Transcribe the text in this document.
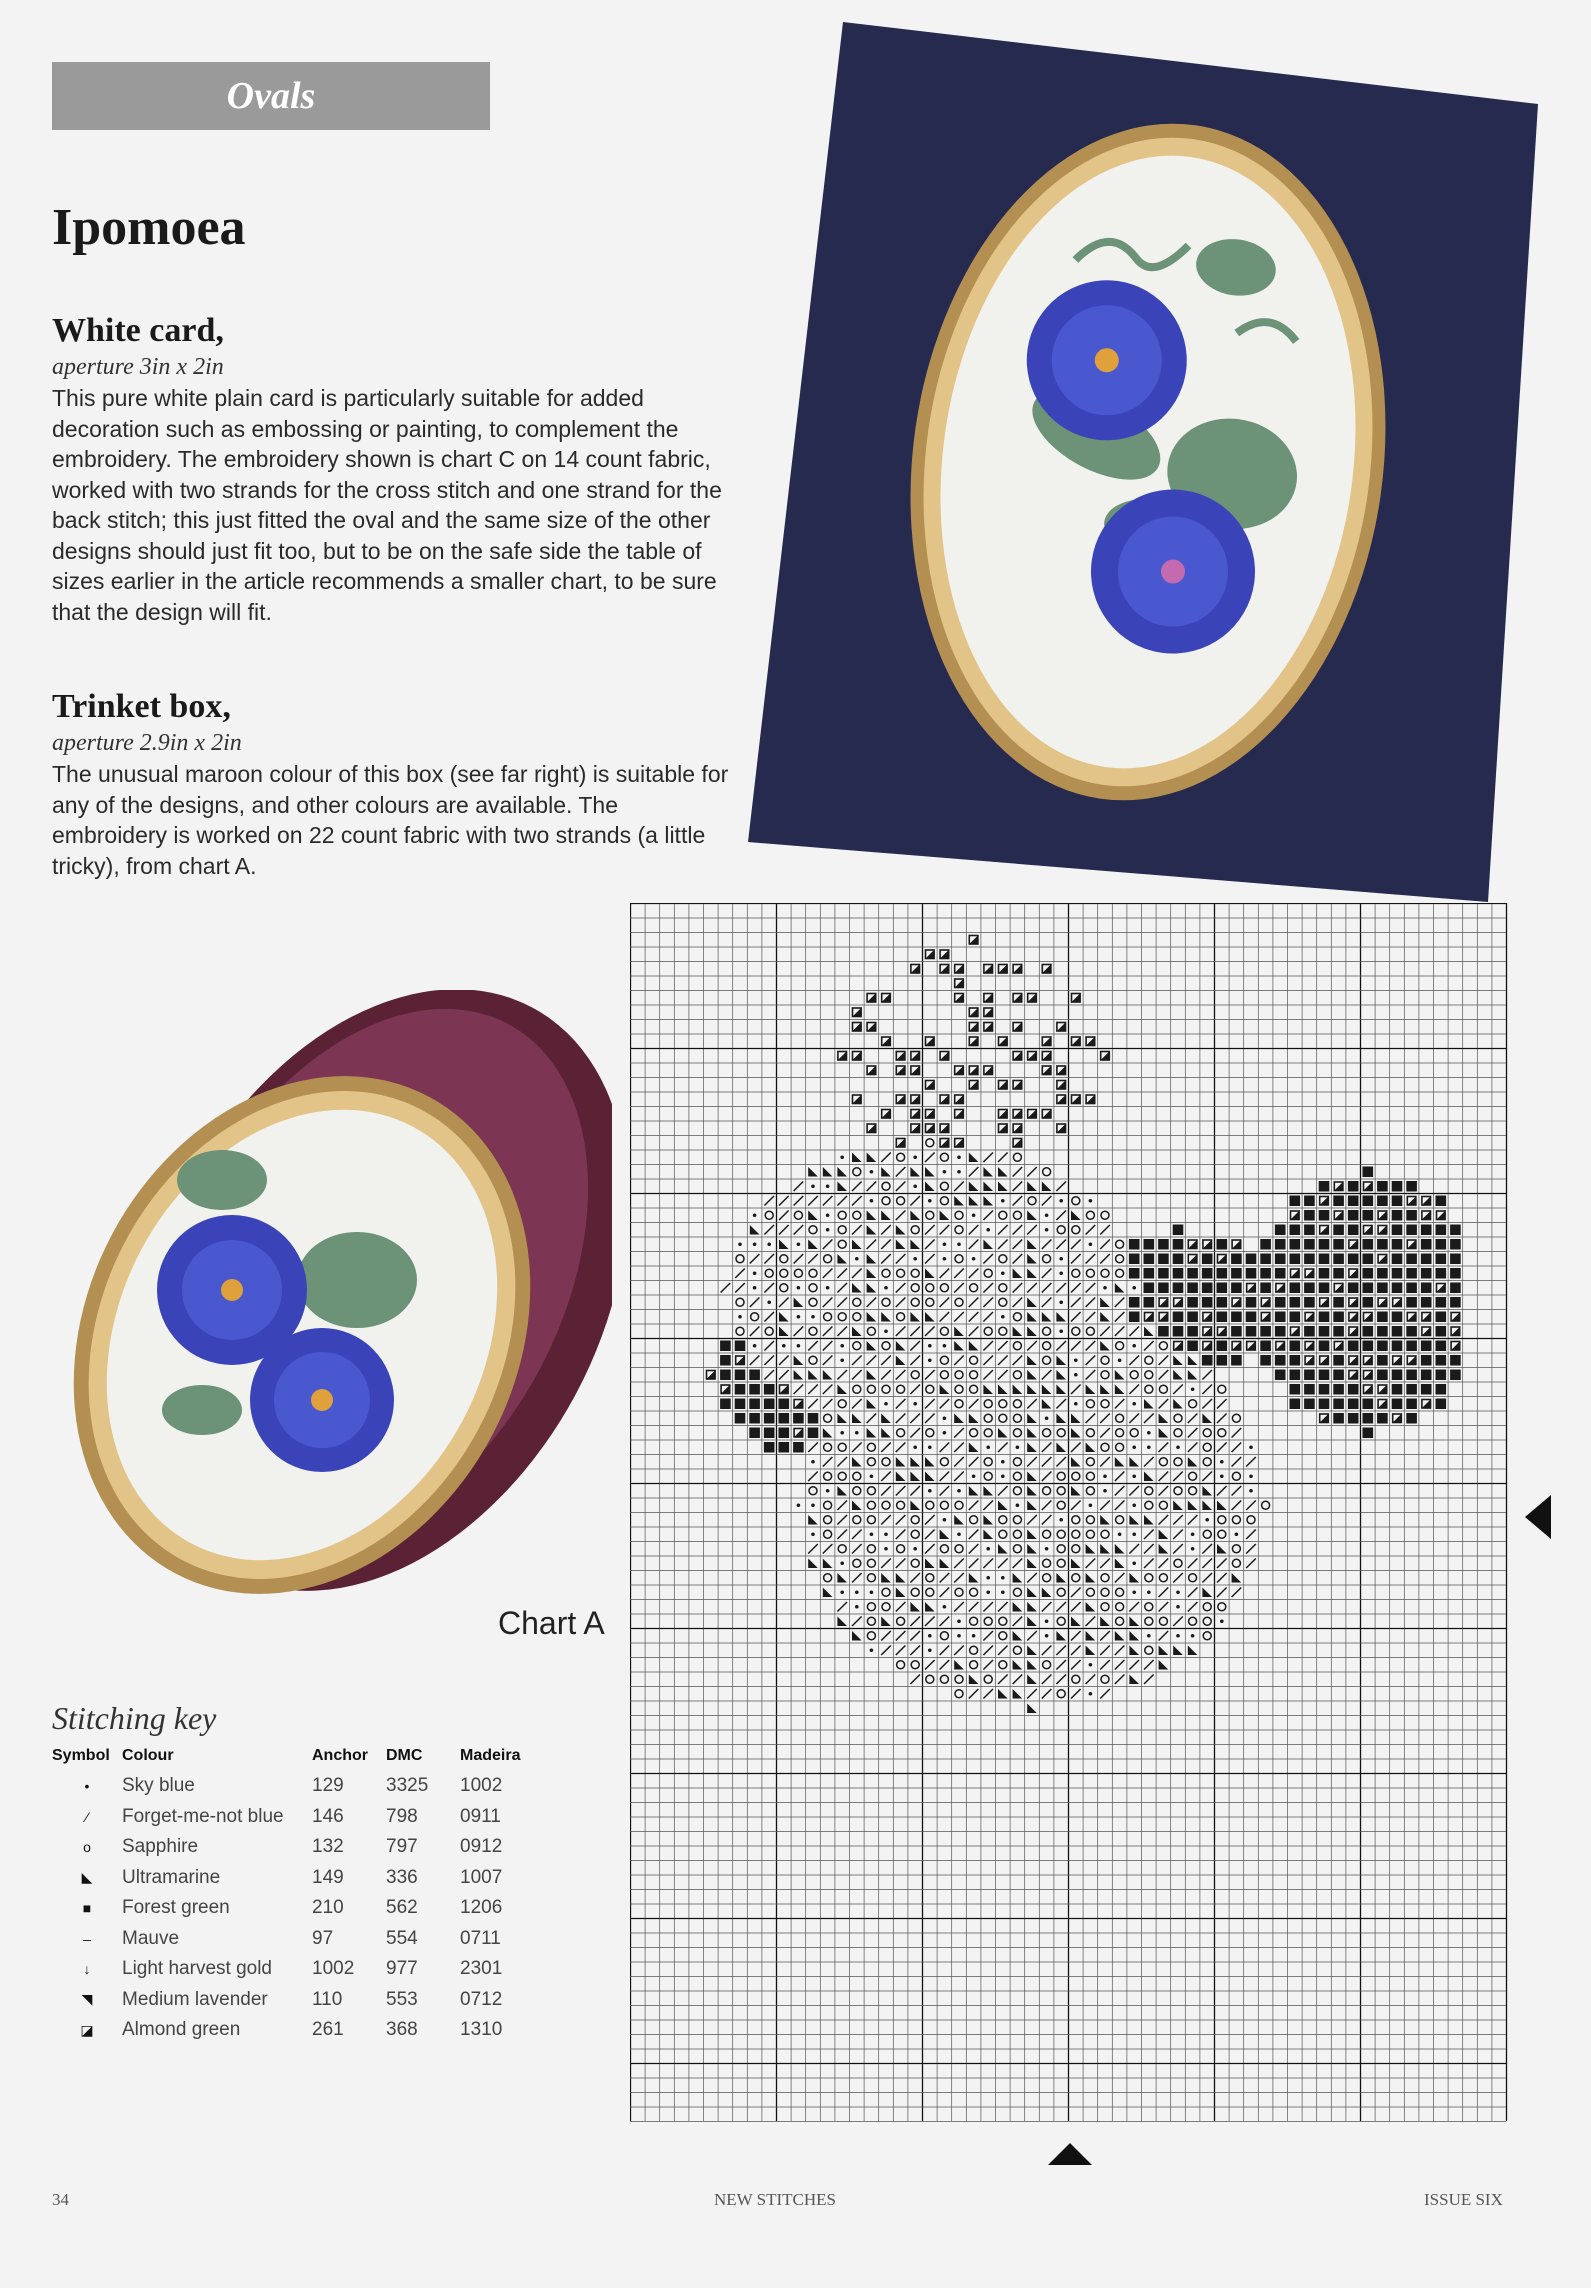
Ovals
Ipomoea
White card,
aperture 3in x 2in

This pure white plain card is particularly suitable for added decoration such as embossing or painting, to complement the embroidery. The embroidery shown is chart C on 14 count fabric, worked with two strands for the cross stitch and one strand for the back stitch; this just fitted the oval and the same size of the other designs should just fit too, but to be on the safe side the table of sizes earlier in the article recommends a smaller chart, to be sure that the design will fit.

Trinket box,
aperture 2.9in x 2in

The unusual maroon colour of this box (see far right) is suitable for any of the designs, and other colours are available. The embroidery is worked on 22 count fabric with two strands (a little tricky), from chart A.

Chart A
Stitching key
Symbol	Colour	Anchor	DMC	Madeira
•	Sky blue	129	3325	1002
⁄	Forget-me-not blue	146	798	0911
o	Sapphire	132	797	0912
◣	Ultramarine	149	336	1007
■	Forest green	210	562	1206
–	Mauve	97	554	0711
↓	Light harvest gold	1002	977	2301
◥	Medium lavender	110	553	0712
◪	Almond green	261	368	1310
34	NEW STITCHES	ISSUE SIX
